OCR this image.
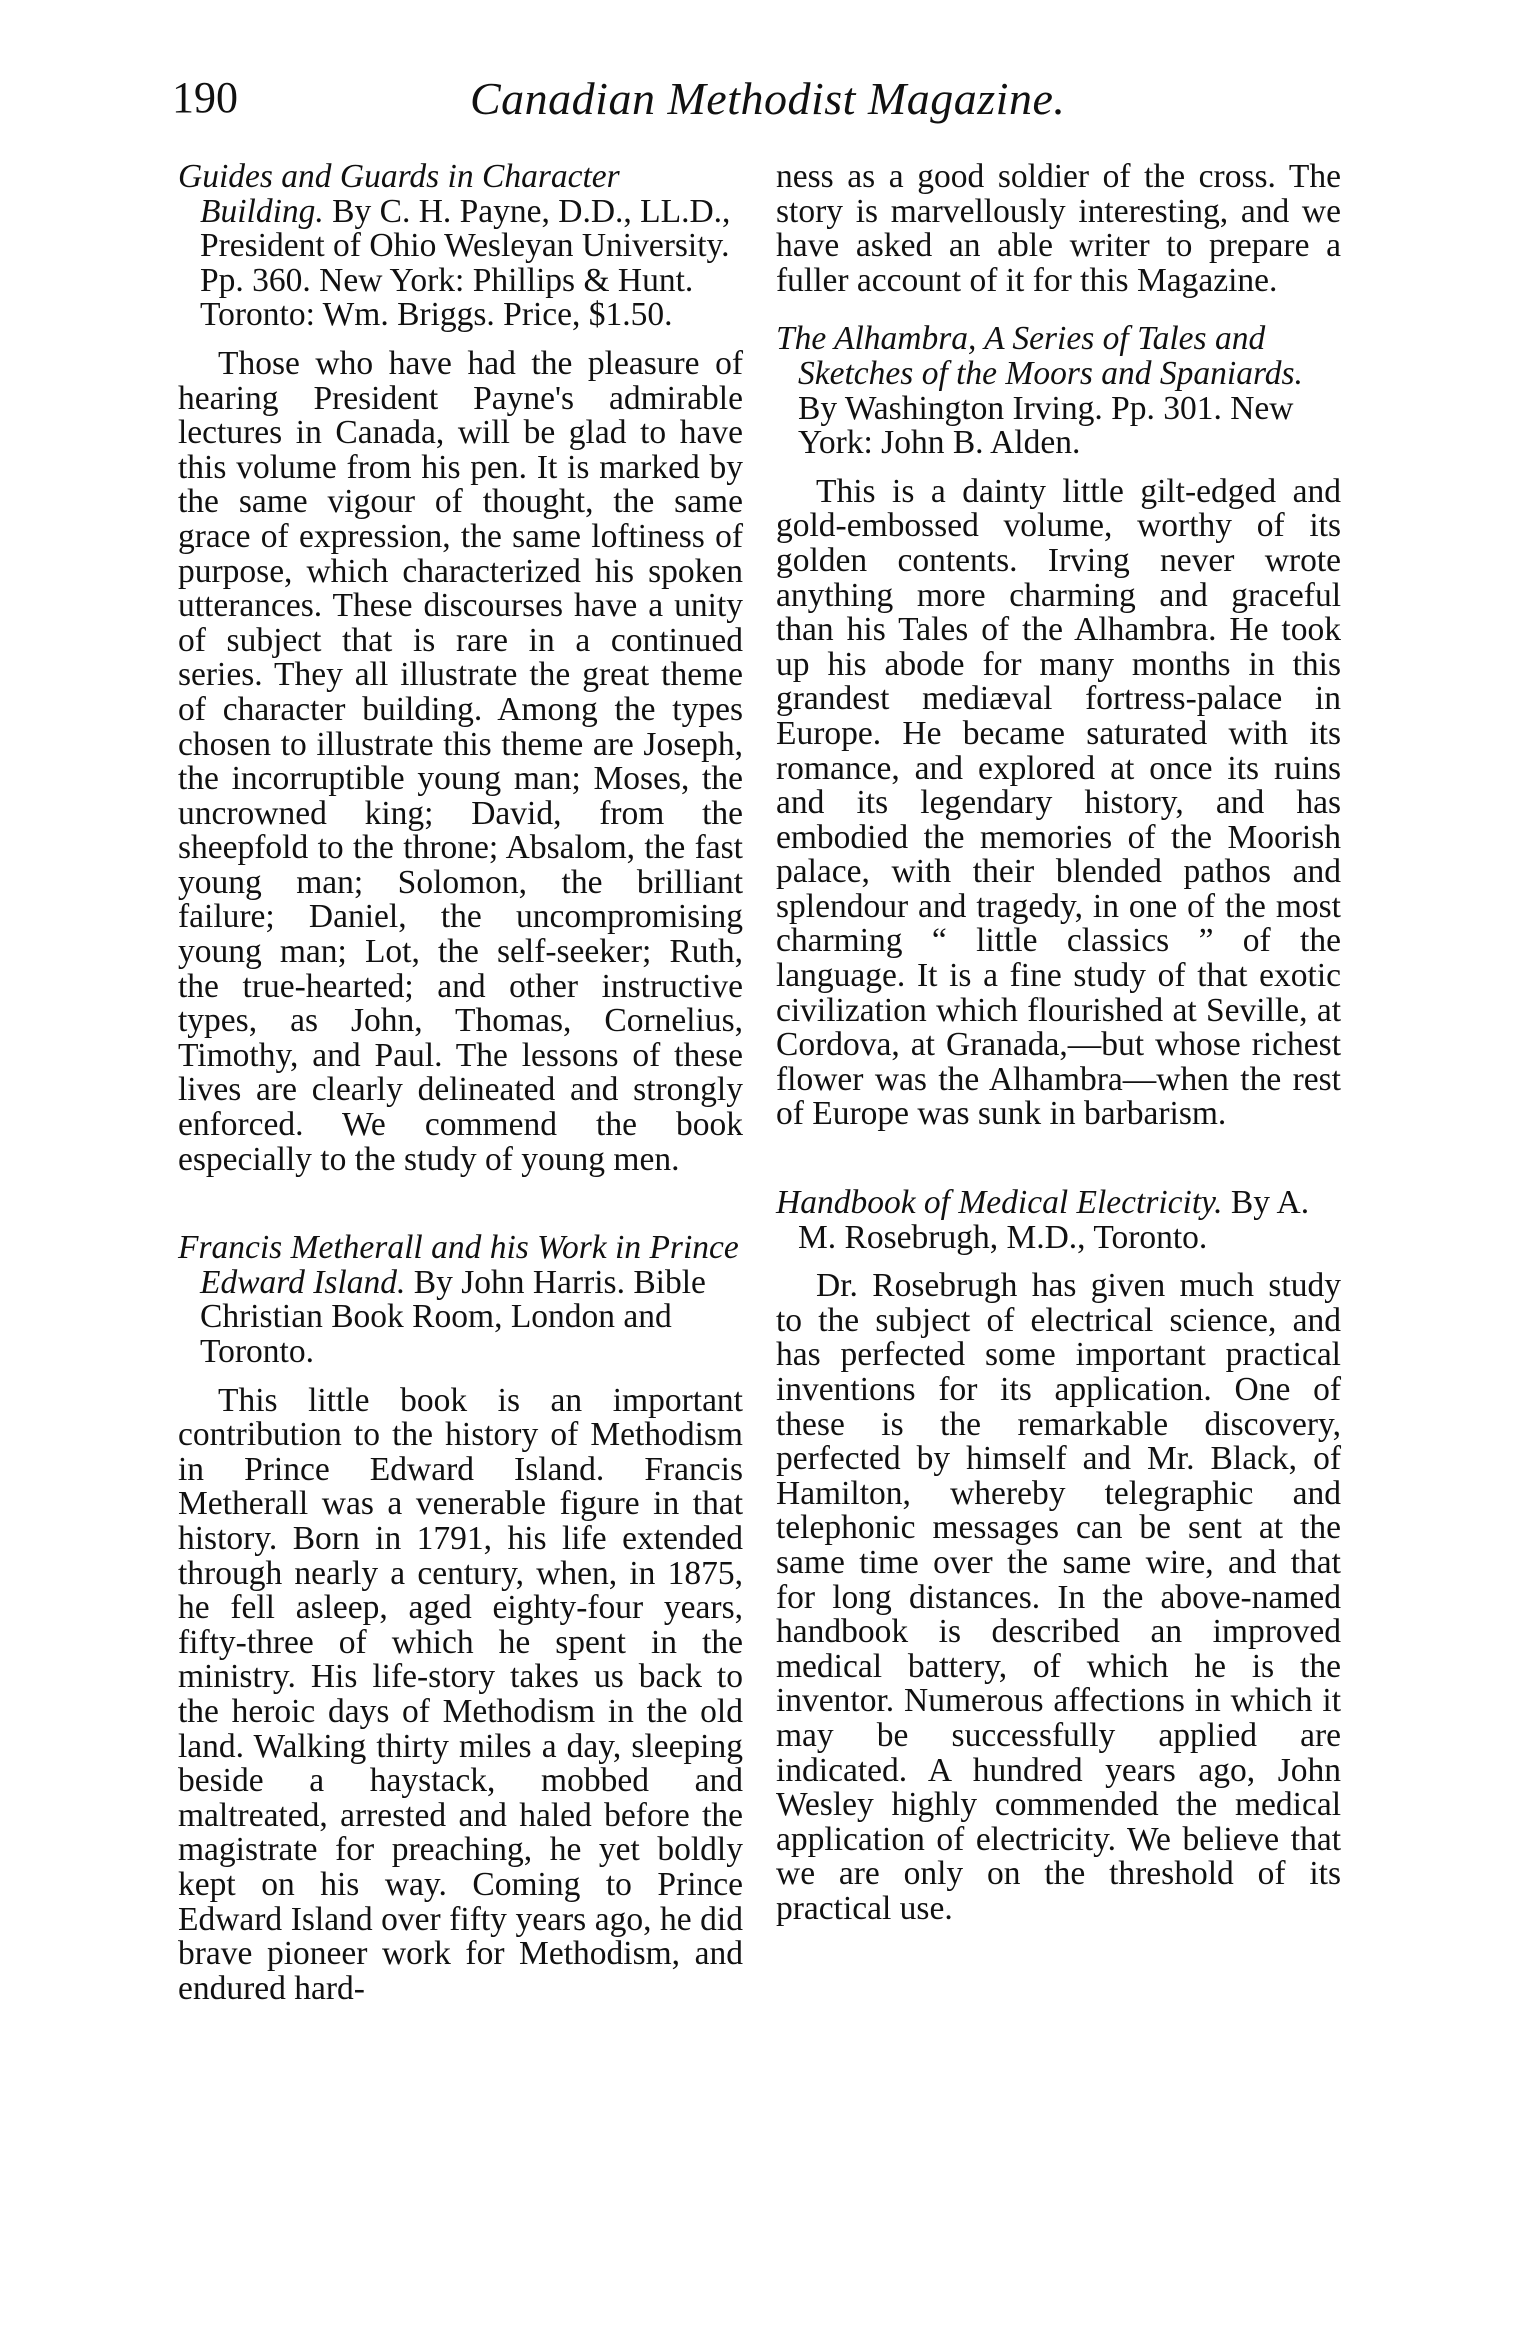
190	Canadian Methodist Magazine.

Guides and Guards in Character Building. By C. H. Payne, D.D., LL.D., President of Ohio Wesleyan University. Pp. 360. New York: Phillips & Hunt. Toronto: Wm. Briggs. Price, $1.50.

Those who have had the pleasure of hearing President Payne's admirable lectures in Canada, will be glad to have this volume from his pen. It is marked by the same vigour of thought, the same grace of expression, the same loftiness of purpose, which characterized his spoken utterances. These discourses have a unity of subject that is rare in a continued series. They all illustrate the great theme of character building. Among the types chosen to illustrate this theme are Joseph, the incorruptible young man; Moses, the uncrowned king; David, from the sheepfold to the throne; Absalom, the fast young man; Solomon, the brilliant failure; Daniel, the uncompromising young man; Lot, the self-seeker; Ruth, the true-hearted; and other instructive types, as John, Thomas, Cornelius, Timothy, and Paul. The lessons of these lives are clearly delineated and strongly enforced. We commend the book especially to the study of young men.

Francis Metherall and his Work in Prince Edward Island. By John Harris. Bible Christian Book Room, London and Toronto.

This little book is an important contribution to the history of Methodism in Prince Edward Island. Francis Metherall was a venerable figure in that history. Born in 1791, his life extended through nearly a century, when, in 1875, he fell asleep, aged eighty-four years, fifty-three of which he spent in the ministry. His life-story takes us back to the heroic days of Methodism in the old land. Walking thirty miles a day, sleeping beside a haystack, mobbed and maltreated, arrested and haled before the magistrate for preaching, he yet boldly kept on his way. Coming to Prince Edward Island over fifty years ago, he did brave pioneer work for Methodism, and endured hard-

ness as a good soldier of the cross. The story is marvellously interesting, and we have asked an able writer to prepare a fuller account of it for this Magazine.

The Alhambra, A Series of Tales and Sketches of the Moors and Spaniards. By Washington Irving. Pp. 301. New York: John B. Alden.

This is a dainty little gilt-edged and gold-embossed volume, worthy of its golden contents. Irving never wrote anything more charming and graceful than his Tales of the Alhambra. He took up his abode for many months in this grandest mediæval fortress-palace in Europe. He became saturated with its romance, and explored at once its ruins and its legendary history, and has embodied the memories of the Moorish palace, with their blended pathos and splendour and tragedy, in one of the most charming “ little classics ” of the language. It is a fine study of that exotic civilization which flourished at Seville, at Cordova, at Granada,—but whose richest flower was the Alhambra—when the rest of Europe was sunk in barbarism.

Handbook of Medical Electricity. By A. M. Rosebrugh, M.D., Toronto.

Dr. Rosebrugh has given much study to the subject of electrical science, and has perfected some important practical inventions for its application. One of these is the remarkable discovery, perfected by himself and Mr. Black, of Hamilton, whereby telegraphic and telephonic messages can be sent at the same time over the same wire, and that for long distances. In the above-named handbook is described an improved medical battery, of which he is the inventor. Numerous affections in which it may be successfully applied are indicated. A hundred years ago, John Wesley highly commended the medical application of electricity. We believe that we are only on the threshold of its practical use.
